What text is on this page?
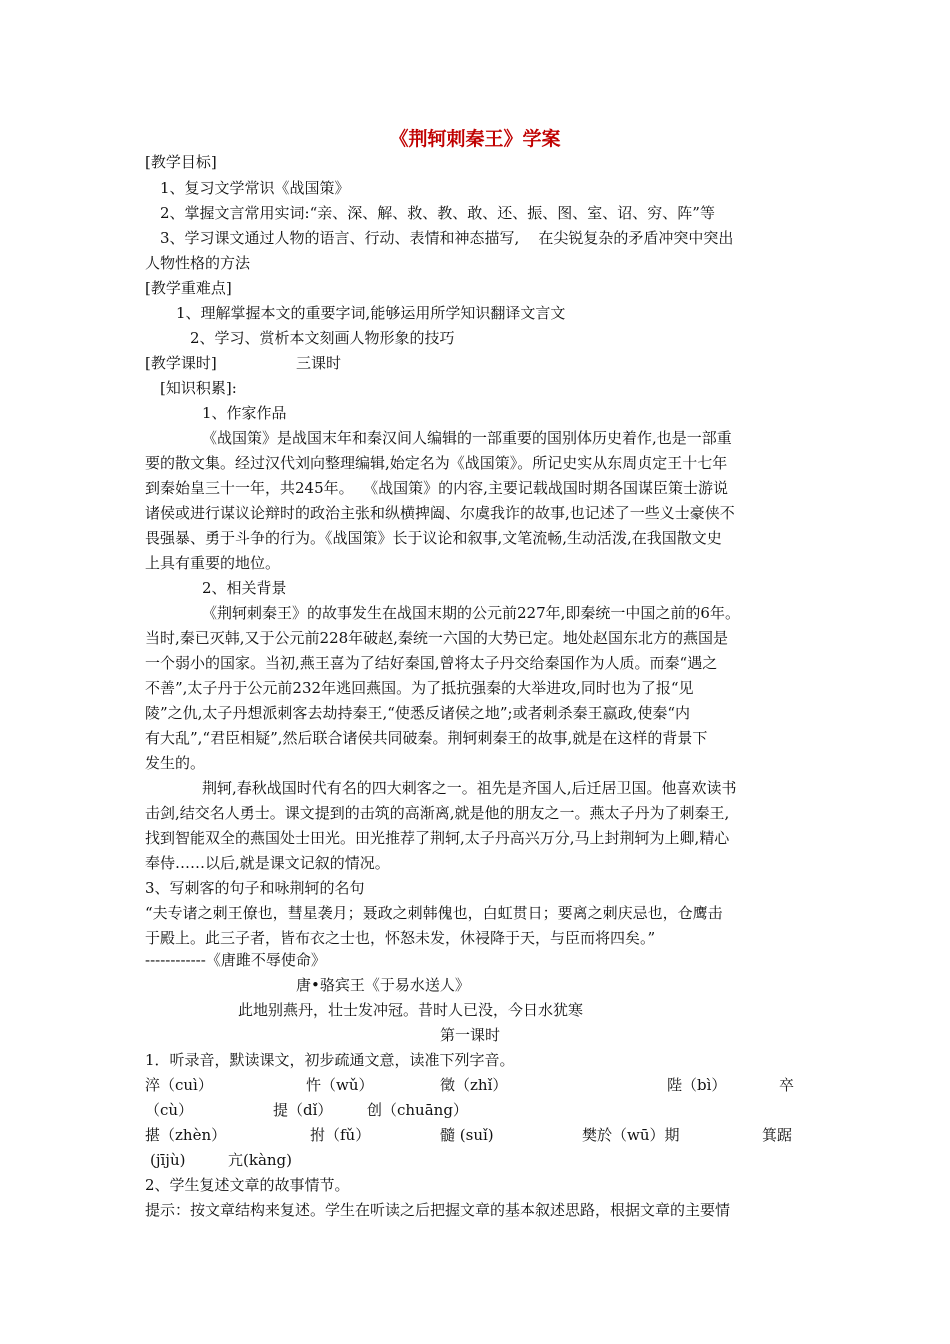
《荆轲刺秦王》学案
[教学目标]
1、复习文学常识《战国策》
2、掌握文言常用实词:“亲、深、解、救、教、敢、还、振、图、室、诏、穷、阵”等
3、学习课文通过人物的语言、行动、表情和神态描写,    在尖锐复杂的矛盾冲突中突出
人物性格的方法
[教学重难点]
1、理解掌握本文的重要字词,能够运用所学知识翻译文言文
2、学习、赏析本文刻画人物形象的技巧
[教学课时]	三课时
[知识积累]:
1、作家作品
《战国策》是战国末年和秦汉间人编辑的一部重要的国别体历史着作,也是一部重
要的散文集。经过汉代刘向整理编辑,始定名为《战国策》。所记史实从东周贞定王十七年
到秦始皇三十一年，共245年。  《战国策》的内容,主要记载战国时期各国谋臣策士游说
诸侯或进行谋议论辩时的政治主张和纵横捭阖、尔虞我诈的故事,也记述了一些义士豪侠不
畏强暴、勇于斗争的行为。《战国策》长于议论和叙事,文笔流畅,生动活泼,在我国散文史
上具有重要的地位。
2、相关背景
《荆轲刺秦王》的故事发生在战国末期的公元前227年,即秦统一中国之前的6年。
当时,秦已灭韩,又于公元前228年破赵,秦统一六国的大势已定。地处赵国东北方的燕国是
一个弱小的国家。当初,燕王喜为了结好秦国,曾将太子丹交给秦国作为人质。而秦“遇之
不善”,太子丹于公元前232年逃回燕国。为了抵抗强秦的大举进攻,同时也为了报“见
陵”之仇,太子丹想派刺客去劫持秦王,“使悉反诸侯之地”;或者刺杀秦王嬴政,使秦“内
有大乱”,“君臣相疑”,然后联合诸侯共同破秦。荆轲刺秦王的故事,就是在这样的背景下
发生的。
荆轲,春秋战国时代有名的四大刺客之一。祖先是齐国人,后迁居卫国。他喜欢读书
击剑,结交名人勇士。课文提到的击筑的高渐离,就是他的朋友之一。燕太子丹为了刺秦王,
找到智能双全的燕国处士田光。田光推荐了荆轲,太子丹高兴万分,马上封荆轲为上卿,精心
奉侍……以后,就是课文记叙的情况。
3、写刺客的句子和咏荆轲的名句
“夫专诸之刺王僚也，彗星袭月；聂政之刺韩傀也，白虹贯日；要离之刺庆忌也，仓鹰击
于殿上。此三子者，皆布衣之士也，怀怒未发，休祲降于天，与臣而将四矣。”
------------《唐雎不辱使命》
唐•骆宾王《于易水送人》
此地别燕丹，壮士发冲冠。昔时人已没，今日水犹寒
第一课时
1．听录音，默读课文，初步疏通文意，读准下列字音。
淬（cuì）	忤（wǔ）	徵（zhǐ）	陛（bì）	卒
（cù）	提（dǐ） 创（chuāng）
揕（zhèn）	拊（fǔ）	髓 (suǐ)	樊於（wū）期	箕踞
(jījù)	亢(kàng)
2、学生复述文章的故事情节。
提示：按文章结构来复述。学生在听读之后把握文章的基本叙述思路，根据文章的主要情
